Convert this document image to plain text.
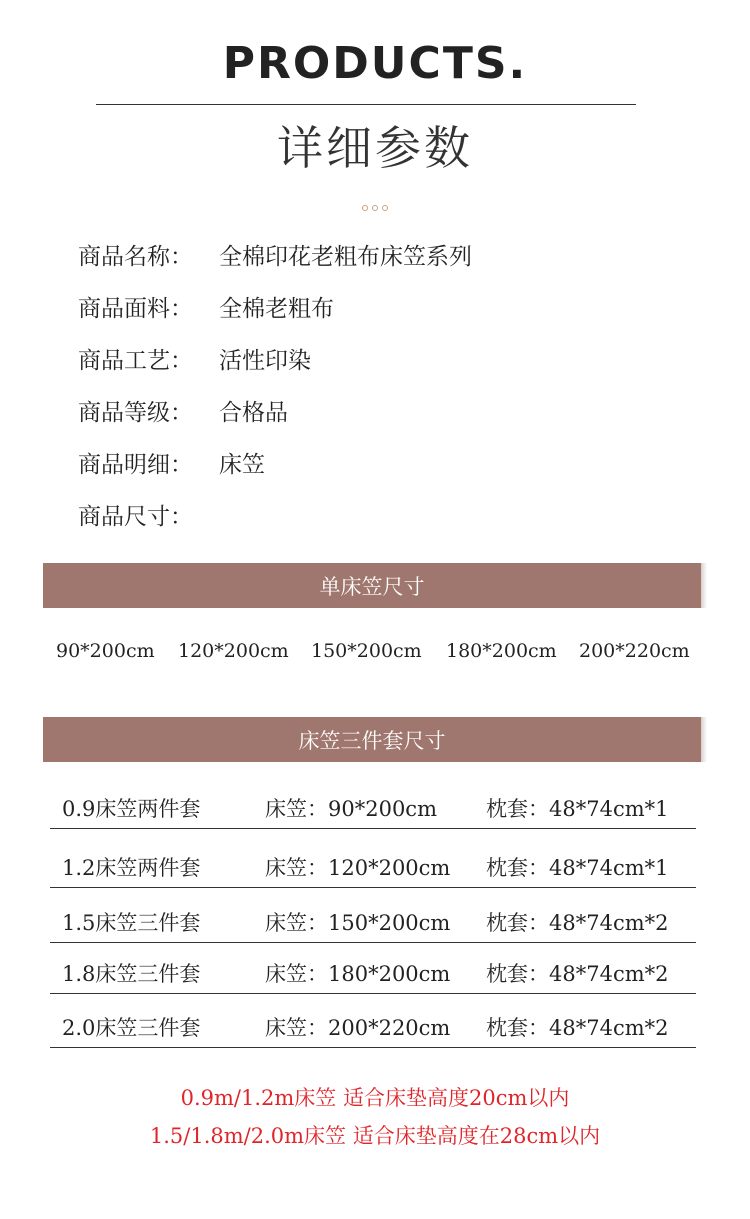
PRODUCTS.
详细参数
商品名称：	全棉印花老粗布床笠系列
商品面料：	全棉老粗布
商品工艺：	活性印染
商品等级：	合格品
商品明细：	床笠
商品尺寸：
单床笠尺寸
90*200cm 120*200cm 150*200cm 180*200cm 200*220cm
床笠三件套尺寸
0.9床笠两件套	床笠：90*200cm 枕套：48*74cm*1
1.2床笠两件套	床笠：120*200cm 枕套：48*74cm*1
1.5床笠三件套	床笠：150*200cm 枕套：48*74cm*2
1.8床笠三件套	床笠：180*200cm 枕套：48*74cm*2
2.0床笠三件套	床笠：200*220cm 枕套：48*74cm*2
0.9m/1.2m床笠 适合床垫高度20cm以内
1.5/1.8m/2.0m床笠 适合床垫高度在28cm以内
